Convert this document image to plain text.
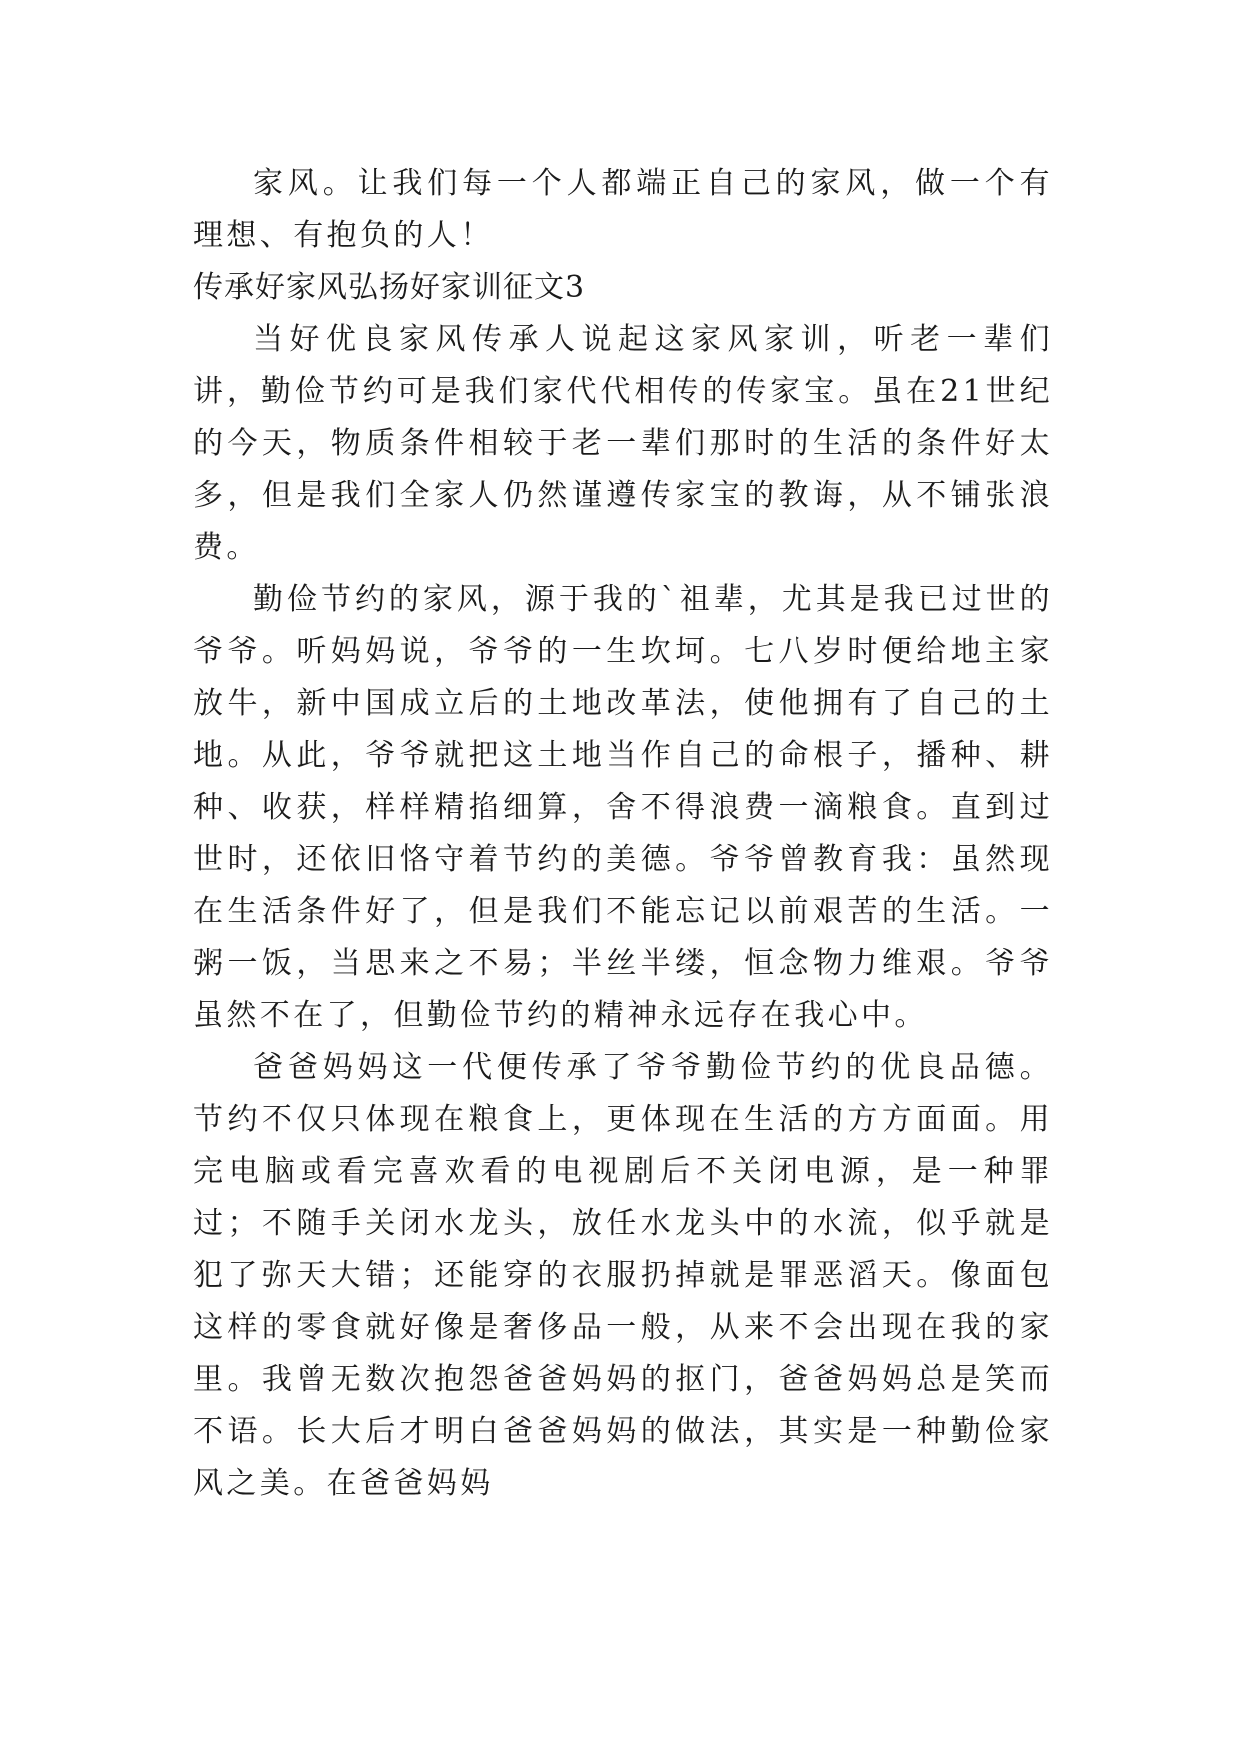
家风。让我们每一个人都端正自己的家风，做一个有理想、有抱负的人！

传承好家风弘扬好家训征文3

当好优良家风传承人说起这家风家训，听老一辈们讲，勤俭节约可是我们家代代相传的传家宝。虽在21世纪的今天，物质条件相较于老一辈们那时的生活的条件好太多，但是我们全家人仍然谨遵传家宝的教诲，从不铺张浪费。

勤俭节约的家风，源于我的`祖辈，尤其是我已过世的爷爷。听妈妈说，爷爷的一生坎坷。七八岁时便给地主家放牛，新中国成立后的土地改革法，使他拥有了自己的土地。从此，爷爷就把这土地当作自己的命根子，播种、耕种、收获，样样精掐细算，舍不得浪费一滴粮食。直到过世时，还依旧恪守着节约的美德。爷爷曾教育我：虽然现在生活条件好了，但是我们不能忘记以前艰苦的生活。一粥一饭，当思来之不易；半丝半缕，恒念物力维艰。爷爷虽然不在了，但勤俭节约的精神永远存在我心中。

爸爸妈妈这一代便传承了爷爷勤俭节约的优良品德。节约不仅只体现在粮食上，更体现在生活的方方面面。用完电脑或看完喜欢看的电视剧后不关闭电源，是一种罪过；不随手关闭水龙头，放任水龙头中的水流，似乎就是犯了弥天大错；还能穿的衣服扔掉就是罪恶滔天。像面包这样的零食就好像是奢侈品一般，从来不会出现在我的家里。我曾无数次抱怨爸爸妈妈的抠门，爸爸妈妈总是笑而不语。长大后才明白爸爸妈妈的做法，其实是一种勤俭家风之美。在爸爸妈妈
